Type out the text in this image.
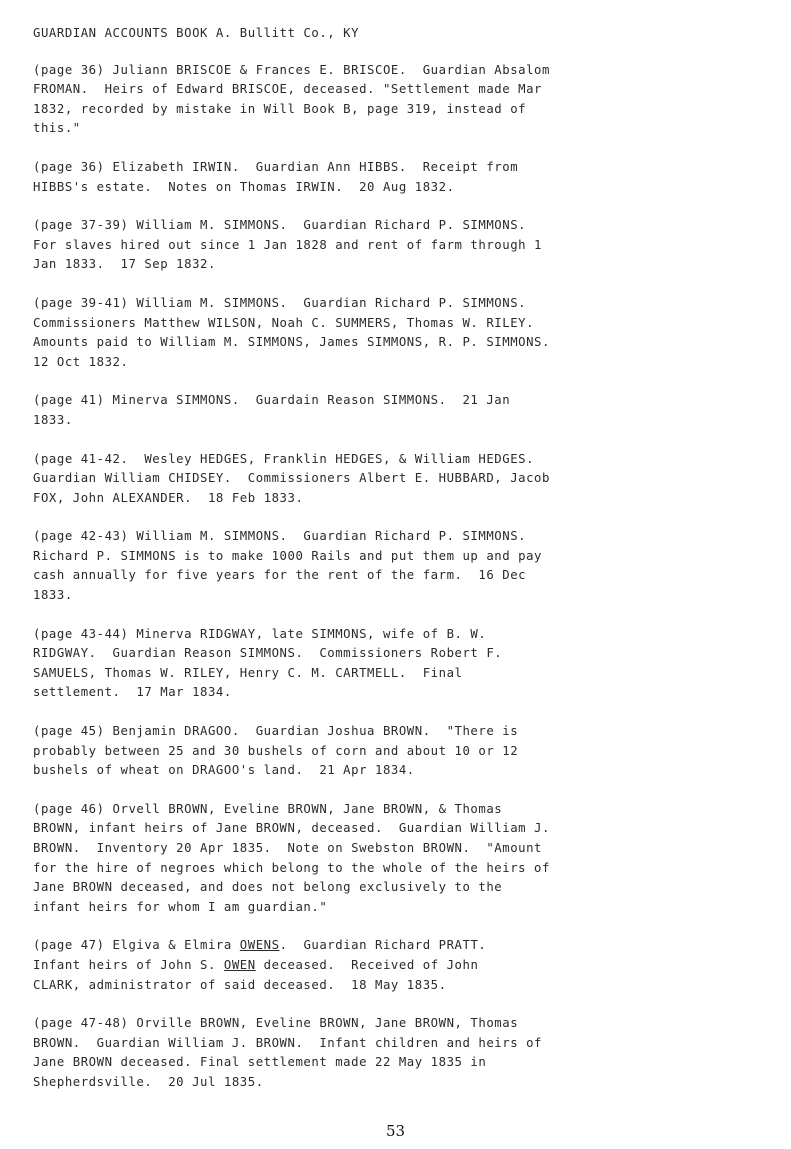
GUARDIAN ACCOUNTS BOOK A. Bullitt Co., KY
(page 36) Juliann BRISCOE & Frances E. BRISCOE.  Guardian Absalom
FROMAN.  Heirs of Edward BRISCOE, deceased. "Settlement made Mar
1832, recorded by mistake in Will Book B, page 319, instead of
this."
(page 36) Elizabeth IRWIN.  Guardian Ann HIBBS.  Receipt from
HIBBS's estate.  Notes on Thomas IRWIN.  20 Aug 1832.
(page 37-39) William M. SIMMONS.  Guardian Richard P. SIMMONS.
For slaves hired out since 1 Jan 1828 and rent of farm through 1
Jan 1833.  17 Sep 1832.
(page 39-41) William M. SIMMONS.  Guardian Richard P. SIMMONS.
Commissioners Matthew WILSON, Noah C. SUMMERS, Thomas W. RILEY.
Amounts paid to William M. SIMMONS, James SIMMONS, R. P. SIMMONS.
12 Oct 1832.
(page 41) Minerva SIMMONS.  Guardain Reason SIMMONS.  21 Jan
1833.
(page 41-42.  Wesley HEDGES, Franklin HEDGES, & William HEDGES.
Guardian William CHIDSEY.  Commissioners Albert E. HUBBARD, Jacob
FOX, John ALEXANDER.  18 Feb 1833.
(page 42-43) William M. SIMMONS.  Guardian Richard P. SIMMONS.
Richard P. SIMMONS is to make 1000 Rails and put them up and pay
cash annually for five years for the rent of the farm.  16 Dec
1833.
(page 43-44) Minerva RIDGWAY, late SIMMONS, wife of B. W.
RIDGWAY.  Guardian Reason SIMMONS.  Commissioners Robert F.
SAMUELS, Thomas W. RILEY, Henry C. M. CARTMELL.  Final
settlement.  17 Mar 1834.
(page 45) Benjamin DRAGOO.  Guardian Joshua BROWN.  "There is
probably between 25 and 30 bushels of corn and about 10 or 12
bushels of wheat on DRAGOO's land.  21 Apr 1834.
(page 46) Orvell BROWN, Eveline BROWN, Jane BROWN, & Thomas
BROWN, infant heirs of Jane BROWN, deceased.  Guardian William J.
BROWN.  Inventory 20 Apr 1835.  Note on Swebston BROWN.  "Amount
for the hire of negroes which belong to the whole of the heirs of
Jane BROWN deceased, and does not belong exclusively to the
infant heirs for whom I am guardian."
(page 47) Elgiva & Elmira OWENS.  Guardian Richard PRATT.
Infant heirs of John S. OWEN deceased.  Received of John
CLARK, administrator of said deceased.  18 May 1835.
(page 47-48) Orville BROWN, Eveline BROWN, Jane BROWN, Thomas
BROWN.  Guardian William J. BROWN.  Infant children and heirs of
Jane BROWN deceased. Final settlement made 22 May 1835 in
Shepherdsville.  20 Jul 1835.
53
